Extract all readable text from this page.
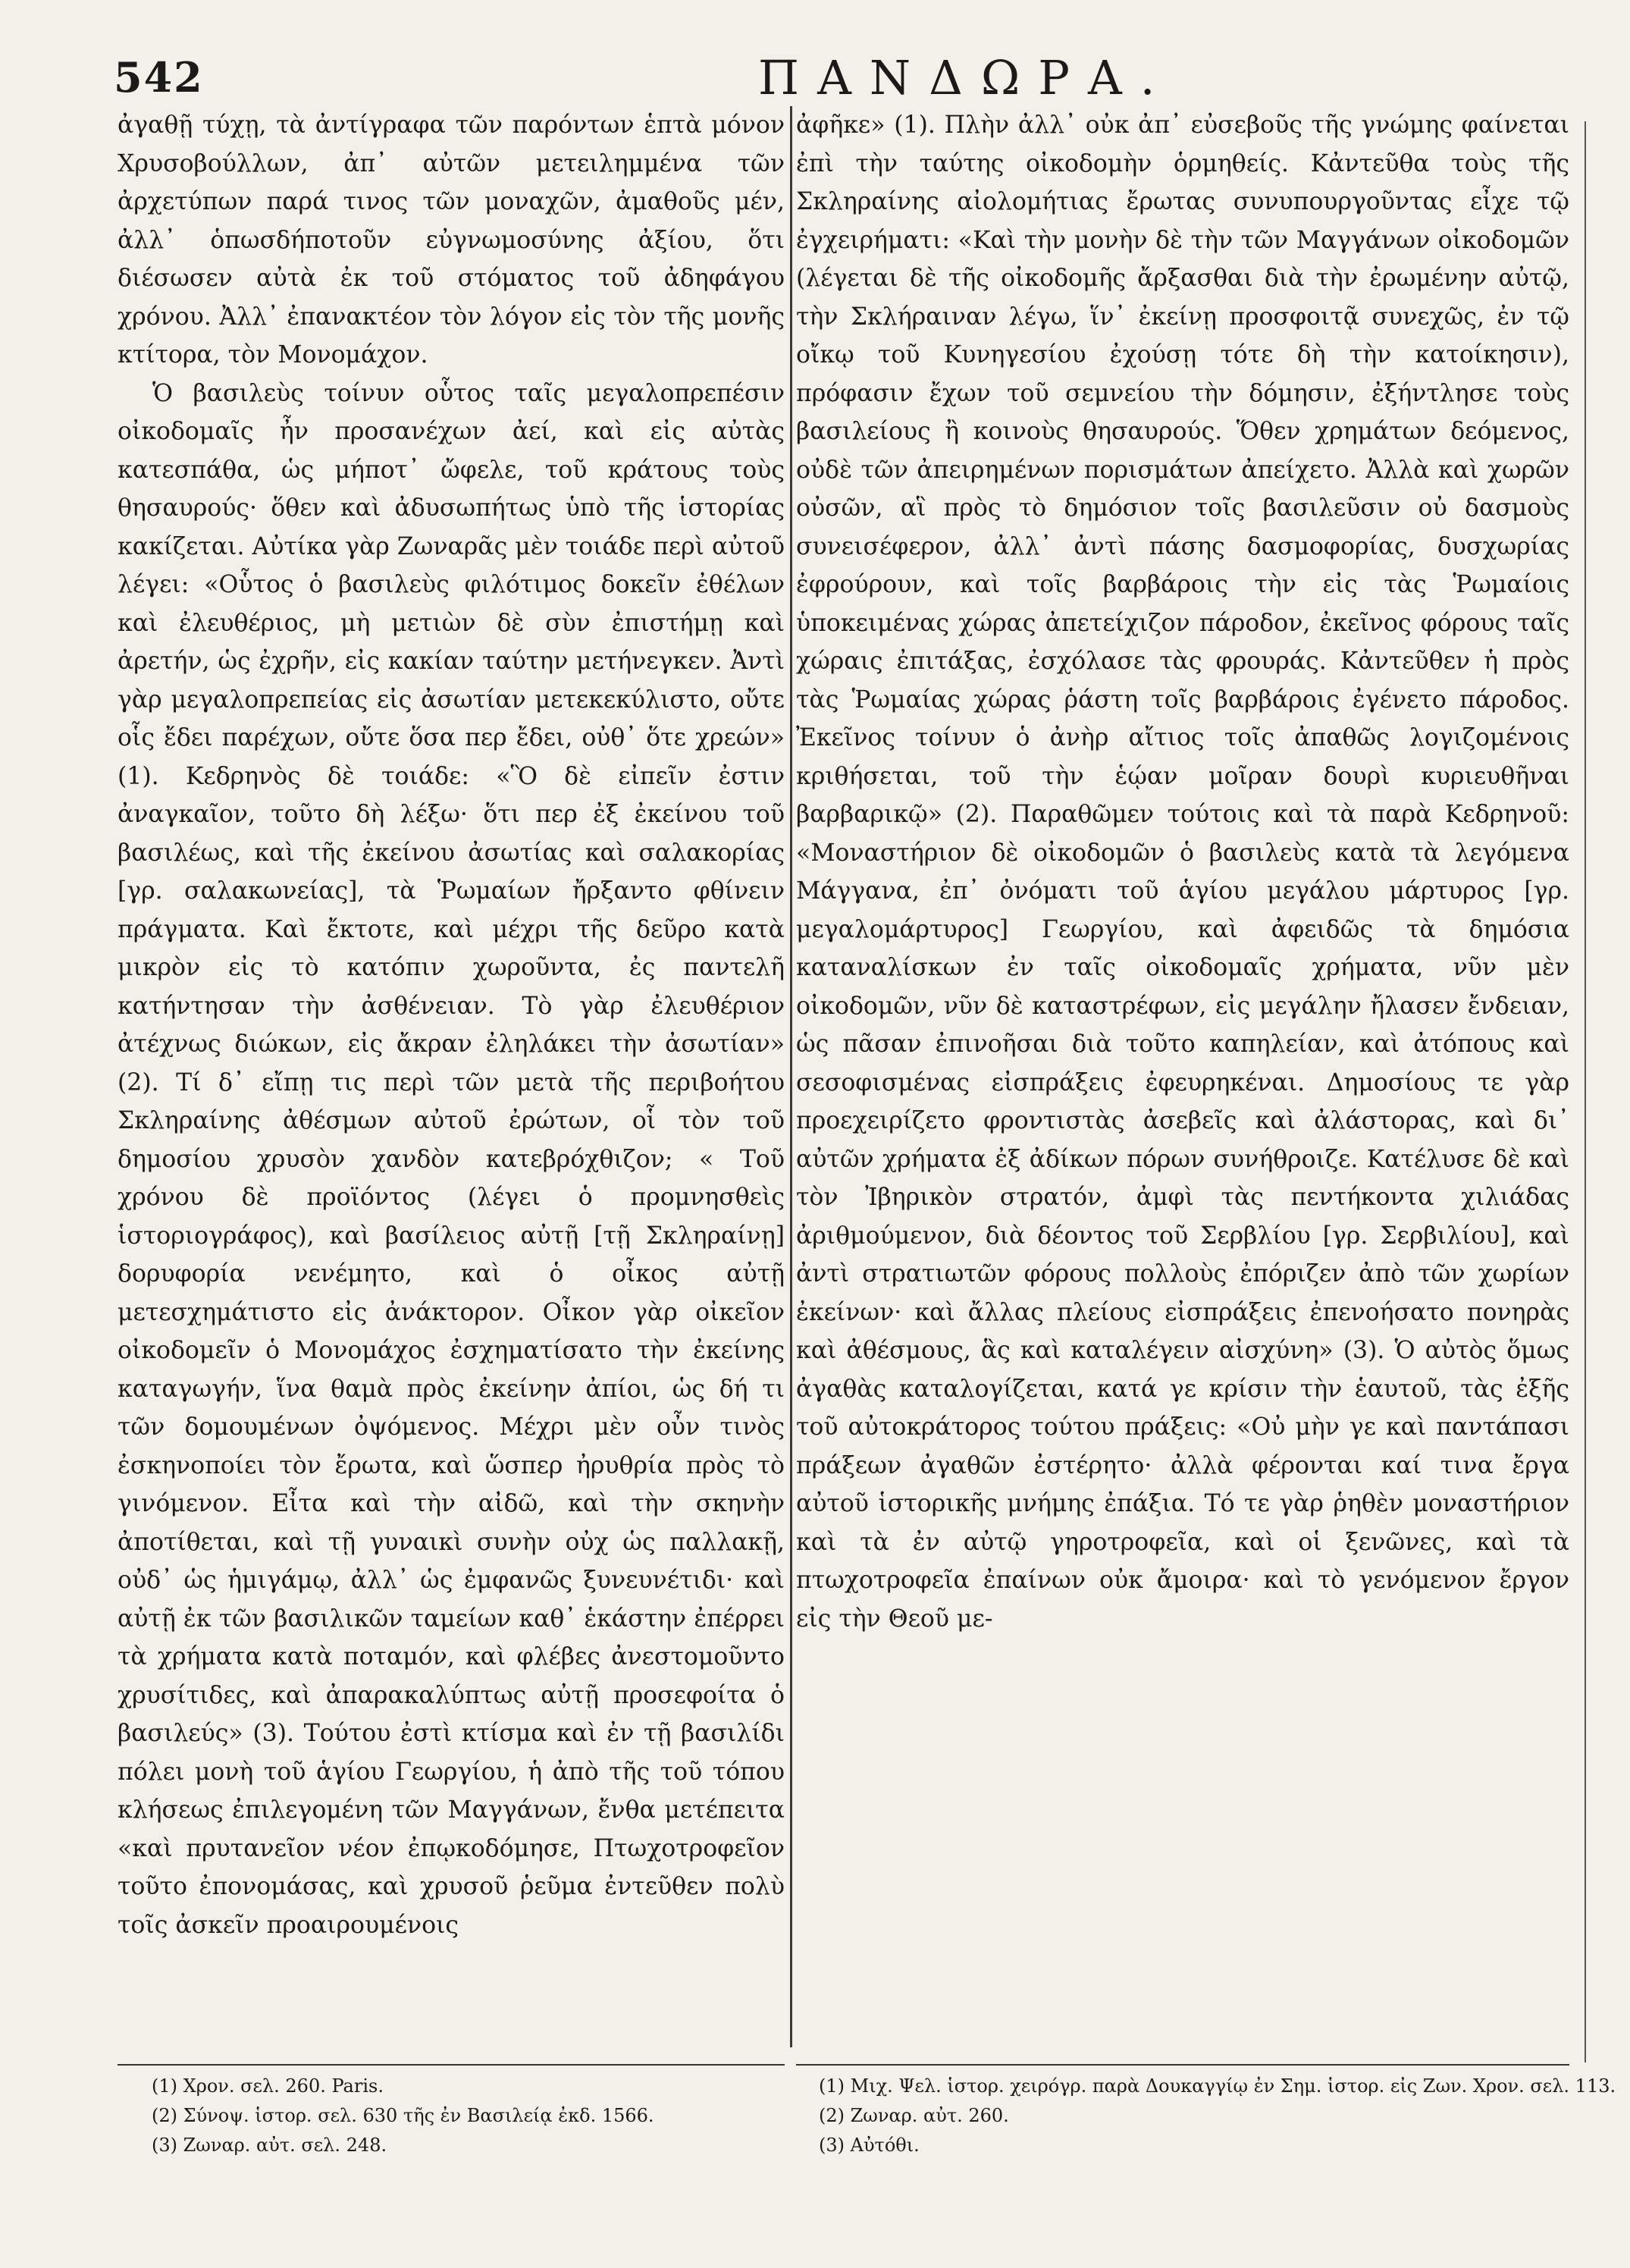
542	ΠΑΝΔΩΡΑ.

ἀγαθῇ τύχῃ, τὰ ἀντίγραφα τῶν παρόντων ἑπτὰ μόνον Χρυσοβούλλων, ἀπ᾿ αὐτῶν μετειλημμένα τῶν ἀρχετύπων παρά τινος τῶν μοναχῶν, ἀμαθοῦς μέν, ἀλλ᾿ ὁπωσδήποτοῦν εὐγνωμοσύνης ἀξίου, ὅτι διέσωσεν αὐτὰ ἐκ τοῦ στόματος τοῦ ἀδηφάγου χρόνου. Ἀλλ᾿ ἐπανακτέον τὸν λόγον εἰς τὸν τῆς μονῆς κτίτορα, τὸν Μονομάχον.

Ὁ βασιλεὺς τοίνυν οὗτος ταῖς μεγαλοπρεπέσιν οἰκοδομαῖς ἦν προσανέχων ἀεί, καὶ εἰς αὐτὰς κατεσπάθα, ὡς μήποτ᾿ ὤφελε, τοῦ κράτους τοὺς θησαυρούς· ὅθεν καὶ ἀδυσωπήτως ὑπὸ τῆς ἱστορίας κακίζεται. Αὐτίκα γὰρ Ζωναρᾶς μὲν τοιάδε περὶ αὐτοῦ λέγει: «Οὗτος ὁ βασιλεὺς φιλότιμος δοκεῖν ἐθέλων καὶ ἐλευθέριος, μὴ μετιὼν δὲ σὺν ἐπιστήμῃ καὶ ἀρετήν, ὡς ἐχρῆν, εἰς κακίαν ταύτην μετήνεγκεν. Ἀντὶ γὰρ μεγαλοπρεπείας εἰς ἀσωτίαν μετεκεκύλιστο, οὔτε οἷς ἔδει παρέχων, οὔτε ὅσα περ ἔδει, οὐθ᾿ ὅτε χρεών» (1). Κεδρηνὸς δὲ τοιάδε: «Ὃ δὲ εἰπεῖν ἐστιν ἀναγκαῖον, τοῦτο δὴ λέξω· ὅτι περ ἐξ ἐκείνου τοῦ βασιλέως, καὶ τῆς ἐκείνου ἀσωτίας καὶ σαλακορίας [γρ. σαλακωνείας], τὰ Ῥωμαίων ἤρξαντο φθίνειν πράγματα. Καὶ ἔκτοτε, καὶ μέχρι τῆς δεῦρο κατὰ μικρὸν εἰς τὸ κατόπιν χωροῦντα, ἐς παντελῆ κατήντησαν τὴν ἀσθένειαν. Τὸ γὰρ ἐλευθέριον ἀτέχνως διώκων, εἰς ἄκραν ἐληλάκει τὴν ἀσωτίαν» (2). Τί δ᾿ εἴπῃ τις περὶ τῶν μετὰ τῆς περιβοήτου Σκληραίνης ἀθέσμων αὐτοῦ ἐρώτων, οἷ τὸν τοῦ δημοσίου χρυσὸν χανδὸν κατεβρόχθιζον; « Τοῦ χρόνου δὲ προϊόντος (λέγει ὁ προμνησθεὶς ἱστοριογράφος), καὶ βασίλειος αὐτῇ [τῇ Σκληραίνῃ] δορυφορία νενέμητο, καὶ ὁ οἶκος αὐτῇ μετεσχημάτιστο εἰς ἀνάκτορον. Οἶκον γὰρ οἰκεῖον οἰκοδομεῖν ὁ Μονομάχος ἐσχηματίσατο τὴν ἐκείνης καταγωγήν, ἵνα θαμὰ πρὸς ἐκείνην ἀπίοι, ὡς δή τι τῶν δομουμένων ὀψόμενος. Μέχρι μὲν οὖν τινὸς ἐσκηνοποίει τὸν ἔρωτα, καὶ ὥσπερ ἠρυθρία πρὸς τὸ γινόμενον. Εἶτα καὶ τὴν αἰδῶ, καὶ τὴν σκηνὴν ἀποτίθεται, καὶ τῇ γυναικὶ συνὴν οὐχ ὡς παλλακῇ, οὐδ᾿ ὡς ἡμιγάμῳ, ἀλλ᾿ ὡς ἐμφανῶς ξυνευνέτιδι· καὶ αὐτῇ ἐκ τῶν βασιλικῶν ταμείων καθ᾿ ἑκάστην ἐπέρρει τὰ χρήματα κατὰ ποταμόν, καὶ φλέβες ἀνεστομοῦντο χρυσίτιδες, καὶ ἀπαρακαλύπτως αὐτῇ προσεφοίτα ὁ βασιλεύς» (3). Τούτου ἐστὶ κτίσμα καὶ ἐν τῇ βασιλίδι πόλει μονὴ τοῦ ἁγίου Γεωργίου, ἡ ἀπὸ τῆς τοῦ τόπου κλήσεως ἐπιλεγομένη τῶν Μαγγάνων, ἔνθα μετέπειτα «καὶ πρυτανεῖον νέον ἐπῳκοδόμησε, Πτωχοτροφεῖον τοῦτο ἐπονομάσας, καὶ χρυσοῦ ῥεῦμα ἐντεῦθεν πολὺ τοῖς ἀσκεῖν προαιρουμένοις

ἀφῆκε» (1). Πλὴν ἀλλ᾿ οὐκ ἀπ᾿ εὐσεβοῦς τῆς γνώμης φαίνεται ἐπὶ τὴν ταύτης οἰκοδομὴν ὁρμηθείς. Κἀντεῦθα τοὺς τῆς Σκληραίνης αἰολομήτιας ἔρωτας συνυπουργοῦντας εἶχε τῷ ἐγχειρήματι: «Καὶ τὴν μονὴν δὲ τὴν τῶν Μαγγάνων οἰκοδομῶν (λέγεται δὲ τῆς οἰκοδομῆς ἄρξασθαι διὰ τὴν ἐρωμένην αὐτῷ, τὴν Σκλήραιναν λέγω, ἵν᾿ ἐκείνῃ προσφοιτᾷ συνεχῶς, ἐν τῷ οἴκῳ τοῦ Κυνηγεσίου ἐχούσῃ τότε δὴ τὴν κατοίκησιν), πρόφασιν ἔχων τοῦ σεμνείου τὴν δόμησιν, ἐξήντλησε τοὺς βασιλείους ἢ κοινοὺς θησαυρούς. Ὅθεν χρημάτων δεόμενος, οὐδὲ τῶν ἀπειρημένων πορισμάτων ἀπείχετο. Ἀλλὰ καὶ χωρῶν οὐσῶν, αἳ πρὸς τὸ δημόσιον τοῖς βασιλεῦσιν οὐ δασμοὺς συνεισέφερον, ἀλλ᾿ ἀντὶ πάσης δασμοφορίας, δυσχωρίας ἐφρούρουν, καὶ τοῖς βαρβάροις τὴν εἰς τὰς Ῥωμαίοις ὑποκειμένας χώρας ἀπετείχιζον πάροδον, ἐκεῖνος φόρους ταῖς χώραις ἐπιτάξας, ἐσχόλασε τὰς φρουράς. Κἀντεῦθεν ἡ πρὸς τὰς Ῥωμαίας χώρας ῥάστη τοῖς βαρβάροις ἐγένετο πάροδος. Ἐκεῖνος τοίνυν ὁ ἀνὴρ αἴτιος τοῖς ἀπαθῶς λογιζομένοις κριθήσεται, τοῦ τὴν ἑῴαν μοῖραν δουρὶ κυριευθῆναι βαρβαρικῷ» (2). Παραθῶμεν τούτοις καὶ τὰ παρὰ Κεδρηνοῦ: «Μοναστήριον δὲ οἰκοδομῶν ὁ βασιλεὺς κατὰ τὰ λεγόμενα Μάγγανα, ἐπ᾿ ὀνόματι τοῦ ἁγίου μεγάλου μάρτυρος [γρ. μεγαλομάρτυρος] Γεωργίου, καὶ ἀφειδῶς τὰ δημόσια καταναλίσκων ἐν ταῖς οἰκοδομαῖς χρήματα, νῦν μὲν οἰκοδομῶν, νῦν δὲ καταστρέφων, εἰς μεγάλην ἤλασεν ἔνδειαν, ὡς πᾶσαν ἐπινοῆσαι διὰ τοῦτο καπηλείαν, καὶ ἀτόπους καὶ σεσοφισμένας εἰσπράξεις ἐφευρηκέναι. Δημοσίους τε γὰρ προεχειρίζετο φροντιστὰς ἀσεβεῖς καὶ ἀλάστορας, καὶ δι᾿ αὐτῶν χρήματα ἐξ ἀδίκων πόρων συνήθροιζε. Κατέλυσε δὲ καὶ τὸν Ἰβηρικὸν στρατόν, ἀμφὶ τὰς πεντήκοντα χιλιάδας ἀριθμούμενον, διὰ δέοντος τοῦ Σερβλίου [γρ. Σερβιλίου], καὶ ἀντὶ στρατιωτῶν φόρους πολλοὺς ἐπόριζεν ἀπὸ τῶν χωρίων ἐκείνων· καὶ ἄλλας πλείους εἰσπράξεις ἐπενοήσατο πονηρὰς καὶ ἀθέσμους, ἃς καὶ καταλέγειν αἰσχύνη» (3). Ὁ αὐτὸς ὅμως ἀγαθὰς καταλογίζεται, κατά γε κρίσιν τὴν ἑαυτοῦ, τὰς ἐξῆς τοῦ αὐτοκράτορος τούτου πράξεις: «Οὐ μὴν γε καὶ παντάπασι πράξεων ἀγαθῶν ἐστέρητο· ἀλλὰ φέρονται καί τινα ἔργα αὐτοῦ ἱστορικῆς μνήμης ἐπάξια. Τό τε γὰρ ῥηθὲν μοναστήριον καὶ τὰ ἐν αὐτῷ γηροτροφεῖα, καὶ οἱ ξενῶνες, καὶ τὰ πτωχοτροφεῖα ἐπαίνων οὐκ ἄμοιρα· καὶ τὸ γενόμενον ἔργον εἰς τὴν Θεοῦ με-

(1) Χρον. σελ. 260. Paris.
(2) Σύνοψ. ἱστορ. σελ. 630 τῆς ἐν Βασιλείᾳ ἐκδ. 1566.
(3) Ζωναρ. αὐτ. σελ. 248.
(1) Μιχ. Ψελ. ἱστορ. χειρόγρ. παρὰ Δουκαγγίῳ ἐν Σημ. ἱστορ. εἰς Ζων. Χρον. σελ. 113.
(2) Ζωναρ. αὐτ. 260.
(3) Αὐτόθι.
